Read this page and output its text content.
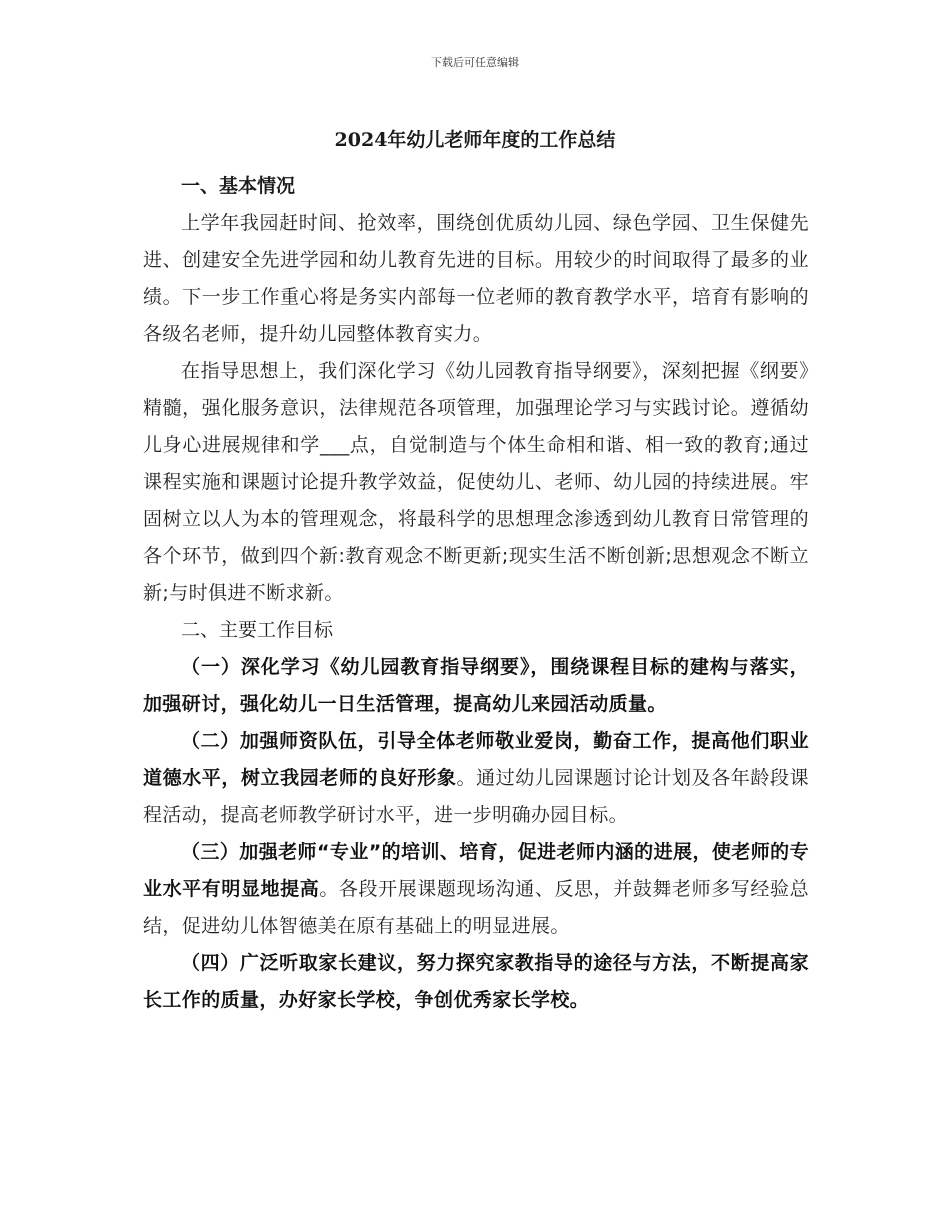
下载后可任意编辑
2024年幼儿老师年度的工作总结

一、基本情况

上学年我园赶时间、抢效率，围绕创优质幼儿园、绿色学园、卫生保健先进、创建安全先进学园和幼儿教育先进的目标。用较少的时间取得了最多的业绩。下一步工作重心将是务实内部每一位老师的教育教学水平，培育有影响的各级名老师，提升幼儿园整体教育实力。

在指导思想上，我们深化学习《幼儿园教育指导纲要》，深刻把握《纲要》精髓，强化服务意识，法律规范各项管理，加强理论学习与实践讨论。遵循幼儿身心进展规律和学___点，自觉制造与个体生命相和谐、相一致的教育;通过课程实施和课题讨论提升教学效益，促使幼儿、老师、幼儿园的持续进展。牢固树立以人为本的管理观念，将最科学的思想理念渗透到幼儿教育日常管理的各个环节，做到四个新:教育观念不断更新;现实生活不断创新;思想观念不断立新;与时俱进不断求新。

二、主要工作目标

（一）深化学习《幼儿园教育指导纲要》，围绕课程目标的建构与落实，加强研讨，强化幼儿一日生活管理，提高幼儿来园活动质量。

（二）加强师资队伍，引导全体老师敬业爱岗，勤奋工作，提高他们职业道德水平，树立我园老师的良好形象。通过幼儿园课题讨论计划及各年龄段课程活动，提高老师教学研讨水平，进一步明确办园目标。

（三）加强老师“专业”的培训、培育，促进老师内涵的进展，使老师的专业水平有明显地提高。各段开展课题现场沟通、反思，并鼓舞老师多写经验总结，促进幼儿体智德美在原有基础上的明显进展。

（四）广泛听取家长建议，努力探究家教指导的途径与方法，不断提高家长工作的质量，办好家长学校，争创优秀家长学校。
